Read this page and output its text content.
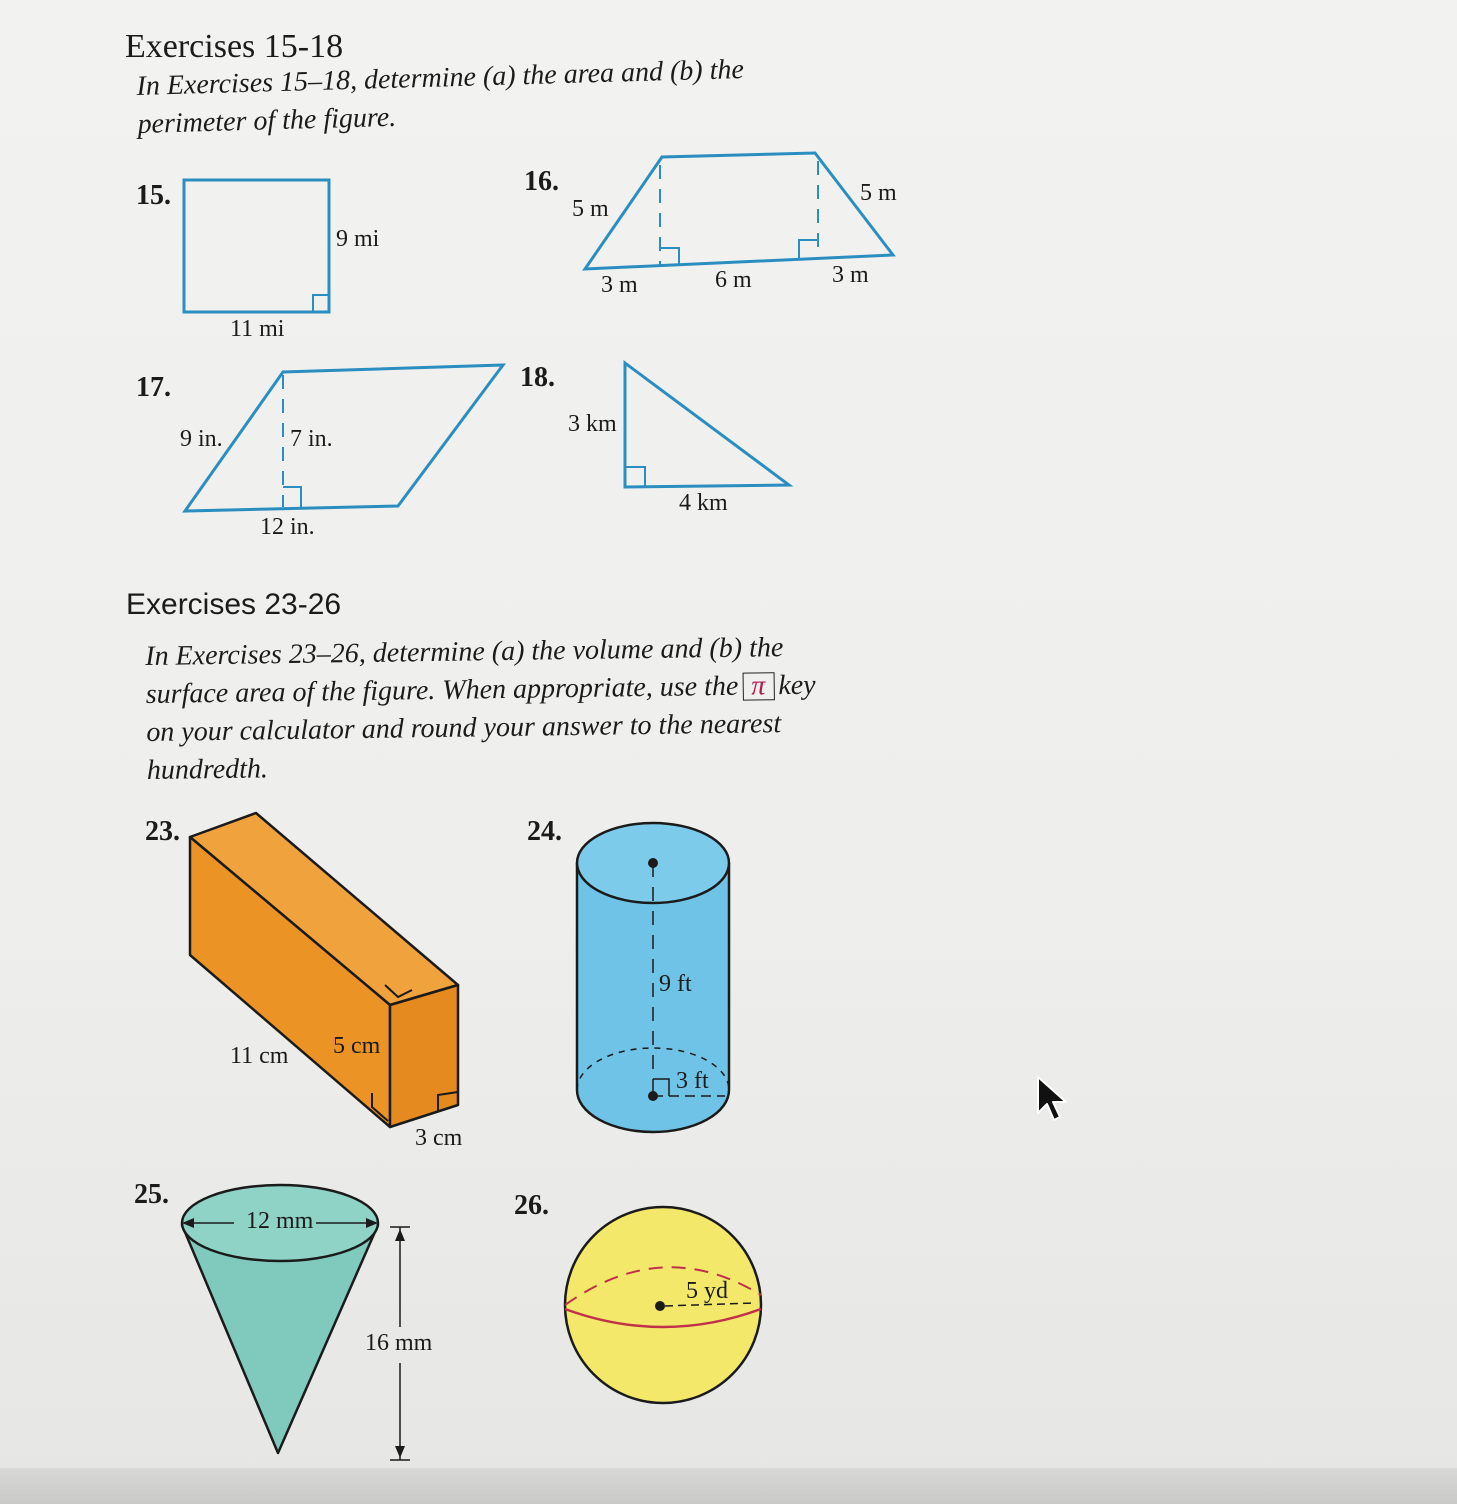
Exercises 15-18
In Exercises 15–18, determine (a) the area and (b) the
perimeter of the figure.
15.
9 mi
11 mi
16.
5 m
5 m
3 m	6 m	3 m
17.
9 in.	7 in.
12 in.
18.
3 km
4 km
Exercises 23-26
In Exercises 23–26, determine (a) the volume and (b) the
surface area of the figure. When appropriate, use the π key
on your calculator and round your answer to the nearest
hundredth.
23.
11 cm 5 cm
3 cm
24.
9 ft
3 ft
25.
12 mm
16 mm
26.
5 yd
